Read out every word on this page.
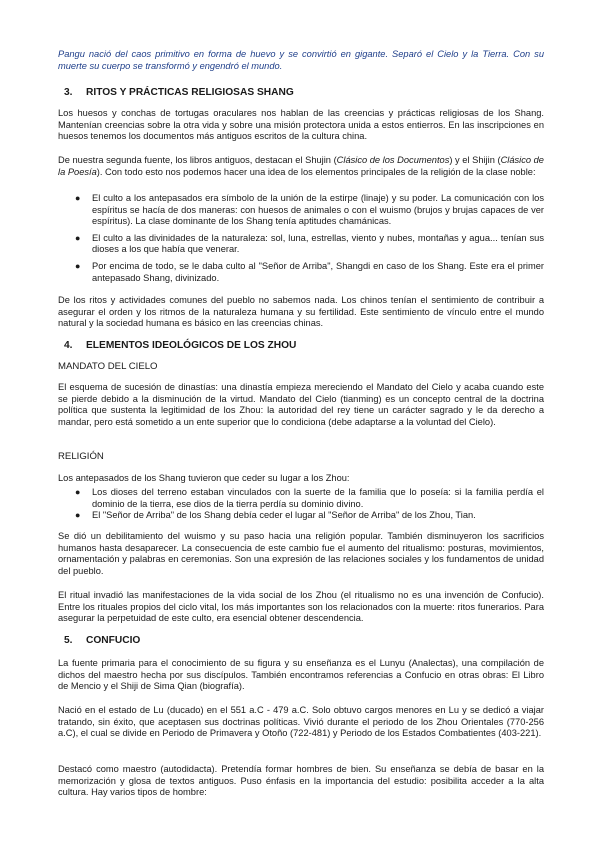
Pangu nació del caos primitivo en forma de huevo y se convirtió en gigante. Separó el Cielo y la Tierra. Con su muerte su cuerpo se transformó y engendró el mundo.

3. RITOS Y PRÁCTICAS RELIGIOSAS SHANG

Los huesos y conchas de tortugas oraculares nos hablan de las creencias y prácticas religiosas de los Shang. Mantenían creencias sobre la otra vida y sobre una misión protectora unida a estos entierros. En las inscripciones en huesos tenemos los documentos más antiguos escritos de la cultura china.

De nuestra segunda fuente, los libros antiguos, destacan el Shujin (Clásico de los Documentos) y el Shijin (Clásico de la Poesía). Con todo esto nos podemos hacer una idea de los elementos principales de la religión de la clase noble:

● El culto a los antepasados era símbolo de la unión de la estirpe (linaje) y su poder. La comunicación con los espíritus se hacía de dos maneras: con huesos de animales o con el wuismo (brujos y brujas capaces de ver espíritus). La clase dominante de los Shang tenía aptitudes chamánicas.
● El culto a las divinidades de la naturaleza: sol, luna, estrellas, viento y nubes, montañas y agua... tenían sus dioses a los que había que venerar.
● Por encima de todo, se le daba culto al "Señor de Arriba", Shangdi en caso de los Shang. Este era el primer antepasado Shang, divinizado.

De los ritos y actividades comunes del pueblo no sabemos nada. Los chinos tenían el sentimiento de contribuir a asegurar el orden y los ritmos de la naturaleza humana y su fertilidad. Este sentimiento de vínculo entre el mundo natural y la sociedad humana es básico en las creencias chinas.

4. ELEMENTOS IDEOLÓGICOS DE LOS ZHOU

MANDATO DEL CIELO

El esquema de sucesión de dinastías: una dinastía empieza mereciendo el Mandato del Cielo y acaba cuando este se pierde debido a la disminución de la virtud. Mandato del Cielo (tianming) es un concepto central de la doctrina política que sustenta la legitimidad de los Zhou: la autoridad del rey tiene un carácter sagrado y le da derecho a mandar, pero está sometido a un ente superior que lo condiciona (debe adaptarse a la voluntad del Cielo).

RELIGIÓN

Los antepasados de los Shang tuvieron que ceder su lugar a los Zhou:

● Los dioses del terreno estaban vinculados con la suerte de la familia que lo poseía: si la familia perdía el dominio de la tierra, ese dios de la tierra perdía su dominio divino.
● El "Señor de Arriba" de los Shang debía ceder el lugar al "Señor de Arriba" de los Zhou, Tian.

Se dió un debilitamiento del wuismo y su paso hacia una religión popular. También disminuyeron los sacrificios humanos hasta desaparecer. La consecuencia de este cambio fue el aumento del ritualismo: posturas, movimientos, ornamentación y palabras en ceremonias. Son una expresión de las relaciones sociales y los fundamentos de unidad del pueblo.

El ritual invadió las manifestaciones de la vida social de los Zhou (el ritualismo no es una invención de Confucio). Entre los rituales propios del ciclo vital, los más importantes son los relacionados con la muerte: ritos funerarios. Para asegurar la perpetuidad de este culto, era esencial obtener descendencia.

5. CONFUCIO

La fuente primaria para el conocimiento de su figura y su enseñanza es el Lunyu (Analectas), una compilación de dichos del maestro hecha por sus discípulos. También encontramos referencias a Confucio en otras obras: El Libro de Mencio y el Shiji de Sima Qian (biografía).

Nació en el estado de Lu (ducado) en el 551 a.C - 479 a.C. Solo obtuvo cargos menores en Lu y se dedicó a viajar tratando, sin éxito, que aceptasen sus doctrinas políticas. Vivió durante el periodo de los Zhou Orientales (770-256 a.C), el cual se divide en Periodo de Primavera y Otoño (722-481) y Periodo de los Estados Combatientes (403-221).

Destacó como maestro (autodidacta). Pretendía formar hombres de bien. Su enseñanza se debía de basar en la memorización y glosa de textos antiguos. Puso énfasis en la importancia del estudio: posibilita acceder a la alta cultura. Hay varios tipos de hombre:
